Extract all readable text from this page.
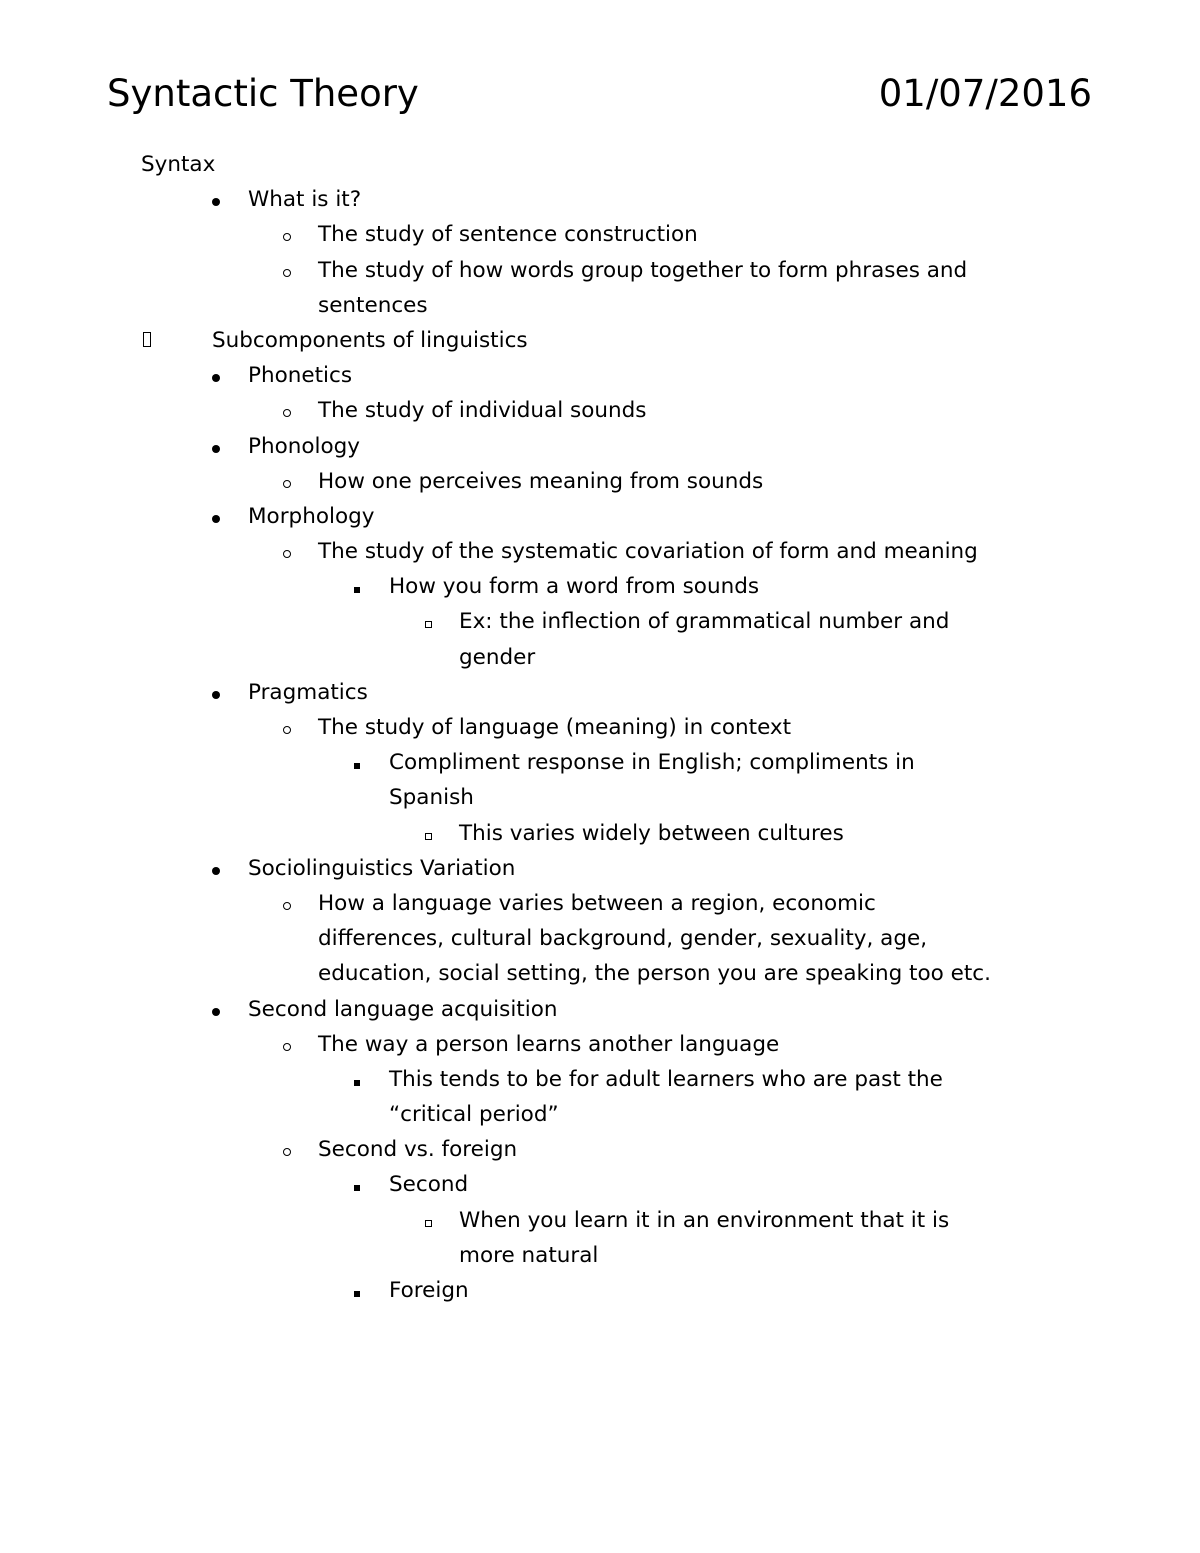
Syntactic Theory	01/07/2016
Syntax
What is it?
The study of sentence construction
The study of how words group together to form phrases and
sentences
Subcomponents of linguistics
Phonetics
The study of individual sounds
Phonology
How one perceives meaning from sounds
Morphology
The study of the systematic covariation of form and meaning
How you form a word from sounds
Ex: the inflection of grammatical number and
gender
Pragmatics
The study of language (meaning) in context
Compliment response in English; compliments in
Spanish
This varies widely between cultures
Sociolinguistics Variation
How a language varies between a region, economic
differences, cultural background, gender, sexuality, age,
education, social setting, the person you are speaking too etc.
Second language acquisition
The way a person learns another language
This tends to be for adult learners who are past the
“critical period”
Second vs. foreign
Second
When you learn it in an environment that it is
more natural
Foreign
